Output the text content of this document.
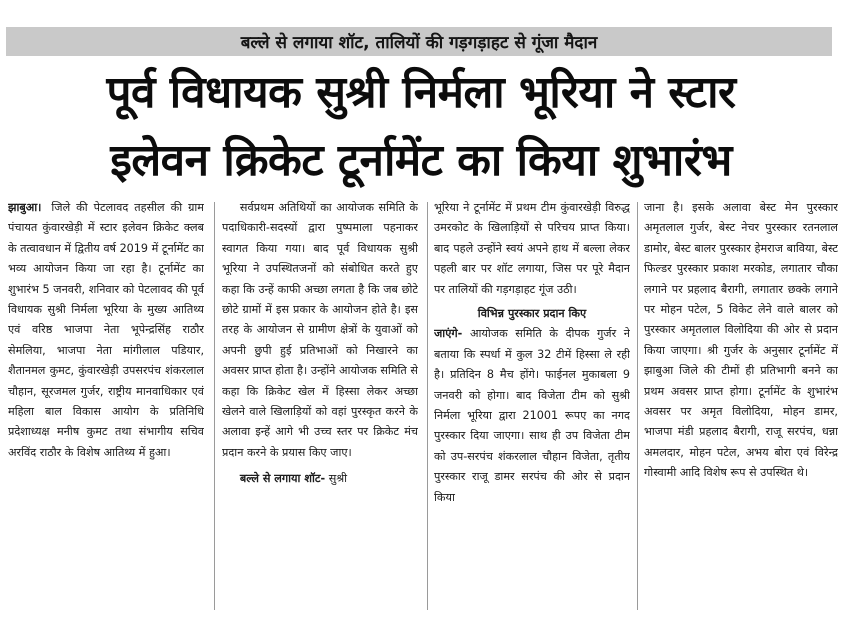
बल्ले से लगाया शॉट, तालियों की गड़गड़ाहट से गूंजा मैदान
पूर्व विधायक सुश्री निर्मला भूरिया ने स्टार
इलेवन क्रिकेट टूर्नामेंट का किया शुभारंभ

झाबुआ। जिले की पेटलावद तहसील की ग्राम पंचायत कुंवारखेड़ी में स्टार इलेवन क्रिकेट क्लब के तत्वावधान में द्वितीय वर्ष 2019 में टूर्नामेंट का भव्य आयोजन किया जा रहा है। टूर्नामेंट का शुभारंभ 5 जनवरी, शनिवार को पेटलावद की पूर्व विधायक सुश्री निर्मला भूरिया के मुख्य आतिथ्य एवं वरिष्ठ भाजपा नेता भूपेन्द्रसिंह राठौर सेमलिया, भाजपा नेता मांगीलाल पडियार, शैतानमल कुमट, कुंवारखेड़ी उपसरपंच शंकरलाल चौहान, सूरजमल गुर्जर, राष्ट्रीय मानवाधिकार एवं महिला बाल विकास आयोग के प्रतिनिधि प्रदेशाध्यक्ष मनीष कुमट तथा संभागीय सचिव अरविंद राठौर के विशेष आतिथ्य में हुआ।

सर्वप्रथम अतिथियों का आयोजक समिति के पदाधिकारी-सदस्यों द्वारा पुष्पमाला पहनाकर स्वागत किया गया। बाद पूर्व विधायक सुश्री भूरिया ने उपस्थितजनों को संबोधित करते हुए कहा कि उन्हें काफी अच्छा लगता है कि जब छोटे छोटे ग्रामों में इस प्रकार के आयोजन होते है। इस तरह के आयोजन से ग्रामीण क्षेत्रों के युवाओं को अपनी छुपी हुई प्रतिभाओं को निखारने का अवसर प्राप्त होता है। उन्होंने आयोजक समिति से कहा कि क्रिकेट खेल में हिस्सा लेकर अच्छा खेलने वाले खिलाड़ियों को वहां पुरस्कृत करने के अलावा इन्हें आगे भी उच्च स्तर पर क्रिकेट मंच प्रदान करने के प्रयास किए जाए।

बल्ले से लगाया शॉट- सुश्री

भूरिया ने टूर्नामेंट में प्रथम टीम कुंवारखेड़ी विरुद्ध उमरकोट के खिलाड़ियों से परिचय प्राप्त किया। बाद पहले उन्होंने स्वयं अपने हाथ में बल्ला लेकर पहली बार पर शॉट लगाया, जिस पर पूरे मैदान पर तालियों की गड़गड़ाहट गूंज उठी।

विभिन्न पुरस्कार प्रदान किए

जाएंगे- आयोजक समिति के दीपक गुर्जर ने बताया कि स्पर्धा में कुल 32 टीमें हिस्सा ले रही है। प्रतिदिन 8 मैच होंगे। फाईनल मुकाबला 9 जनवरी को होगा। बाद विजेता टीम को सुश्री निर्मला भूरिया द्वारा 21001 रूपए का नगद पुरस्कार दिया जाएगा। साथ ही उप विजेता टीम को उप-सरपंच शंकरलाल चौहान विजेता, तृतीय पुरस्कार राजू डामर सरपंच की ओर से प्रदान किया

जाना है। इसके अलावा बेस्ट मेन पुरस्कार अमृतलाल गुर्जर, बेस्ट नेचर पुरस्कार रतनलाल डामोर, बेस्ट बालर पुरस्कार हेमराज बाविया, बेस्ट फिल्डर पुरस्कार प्रकाश मरकोड, लगातार चौका लगाने पर प्रहलाद बैरागी, लगातार छक्के लगाने पर मोहन पटेल, 5 विकेट लेने वाले बालर को पुरस्कार अमृतलाल विलोदिया की ओर से प्रदान किया जाएगा। श्री गुर्जर के अनुसार टूर्नामेंट में झाबुआ जिले की टीमों ही प्रतिभागी बनने का प्रथम अवसर प्राप्त होगा। टूर्नामेंट के शुभारंभ अवसर पर अमृत विलोदिया, मोहन डामर, भाजपा मंडी प्रहलाद बैरागी, राजू सरपंच, धन्ना अमलदार, मोहन पटेल, अभय बोरा एवं विरेन्द्र गोस्वामी आदि विशेष रूप से उपस्थित थे।
